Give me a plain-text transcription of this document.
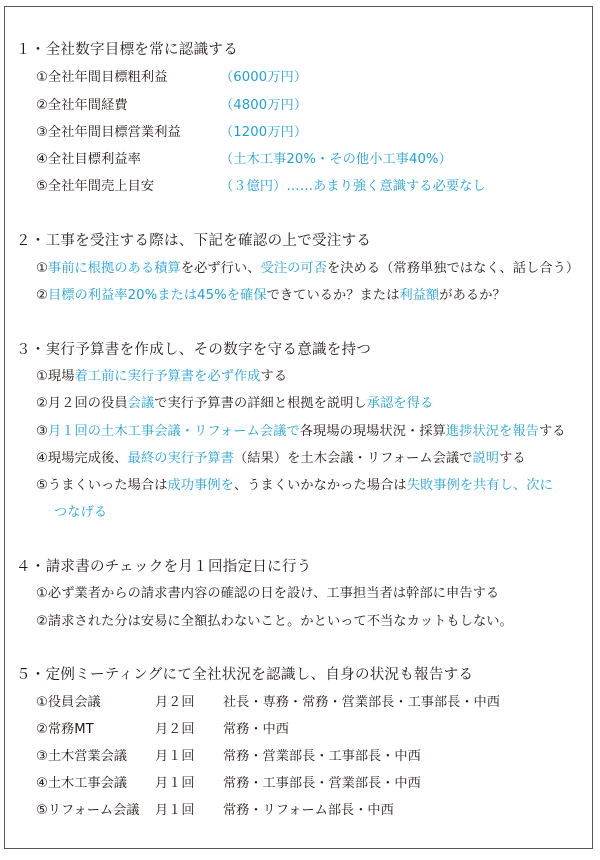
１・全社数字目標を常に認識する
①全社年間目標粗利益	（6000万円）
②全社年間経費	（4800万円）
③全社年間目標営業利益	（1200万円）
④全社目標利益率	（土木工事20%・その他小工事40%）
⑤全社年間売上目安	（３億円）……あまり強く意識する必要なし
２・工事を受注する際は、下記を確認の上で受注する
①事前に根拠のある積算を必ず行い、受注の可否を決める（常務単独ではなく、話し合う）
②目標の利益率20%または45%を確保できているか？または利益額があるか？
３・実行予算書を作成し、その数字を守る意識を持つ
①現場着工前に実行予算書を必ず作成する
②月２回の役員会議で実行予算書の詳細と根拠を説明し承認を得る
③月１回の土木工事会議・リフォーム会議で各現場の現場状況・採算進捗状況を報告する
④現場完成後、最終の実行予算書（結果）を土木会議・リフォーム会議で説明する
⑤うまくいった場合は成功事例を、うまくいかなかった場合は失敗事例を共有し、次に
つなげる
４・請求書のチェックを月１回指定日に行う
①必ず業者からの請求書内容の確認の日を設け、工事担当者は幹部に申告する
②請求された分は安易に全額払わないこと。かといって不当なカットもしない。
５・定例ミーティングにて全社状況を認識し、自身の状況も報告する
①役員会議	月２回 社長・専務・常務・営業部長・工事部長・中西
②常務MT	月２回 常務・中西
③土木営業会議 月１回 常務・営業部長・工事部長・中西
④土木工事会議 月１回 常務・工事部長・営業部長・中西
⑤リフォーム会議 月１回 常務・リフォーム部長・中西
